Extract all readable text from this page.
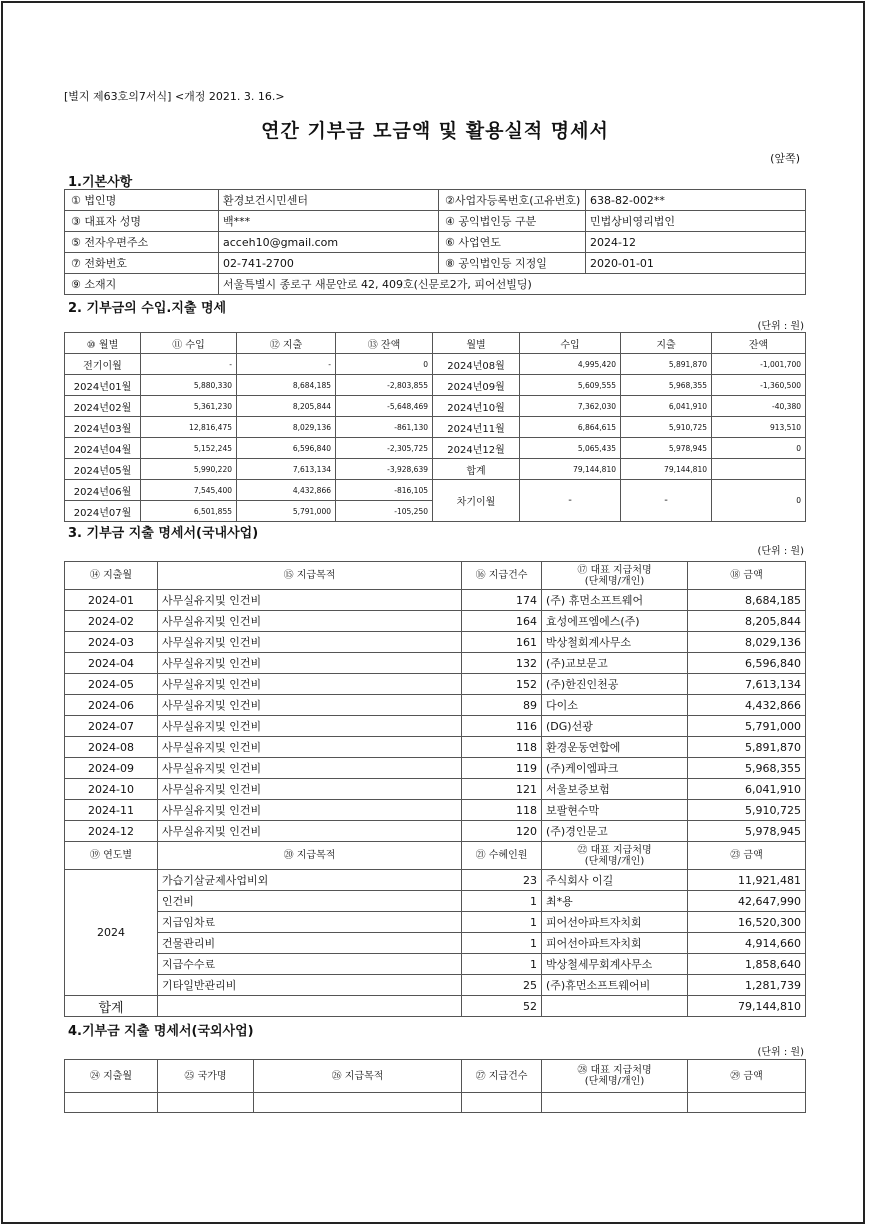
[별지 제63호의7서식] <개정 2021. 3. 16.>
연간 기부금 모금액 및 활용실적 명세서
(앞쪽)
1.기본사항
① 법인명	환경보건시민센터	②사업자등록번호(고유번호)	638-82-002**
③ 대표자 성명	백***	④ 공익법인등 구분	민법상비영리법인
⑤ 전자우편주소	acceh10@gmail.com	⑥ 사업연도	2024-12
⑦ 전화번호	02-741-2700	⑧ 공익법인등 지정일	2020-01-01
⑨ 소재지	서울특별시 종로구 새문안로 42, 409호(신문로2가, 피어선빌딩)		
2. 기부금의 수입.지출 명세
(단위 : 원)
⑩ 월별	⑪ 수입	⑫ 지출	⑬ 잔액	월별	수입	지출	잔액
전기이월	-	-	0	2024년08월	4,995,420	5,891,870	-1,001,700
2024년01월	5,880,330	8,684,185	-2,803,855	2024년09월	5,609,555	5,968,355	-1,360,500
2024년02월	5,361,230	8,205,844	-5,648,469	2024년10월	7,362,030	6,041,910	-40,380
2024년03월	12,816,475	8,029,136	-861,130	2024년11월	6,864,615	5,910,725	913,510
2024년04월	5,152,245	6,596,840	-2,305,725	2024년12월	5,065,435	5,978,945	0
2024년05월	5,990,220	7,613,134	-3,928,639	합계	79,144,810	79,144,810	
2024년06월	7,545,400	4,432,866	-816,105	차기이월	-	-	0
2024년07월	6,501,855	5,791,000	-105,250				
3. 기부금 지출 명세서(국내사업)
(단위 : 원)
⑭ 지출월	⑮ 지급목적	⑯ 지급건수	⑰ 대표 지급처명
(단체명/개인)	⑱ 금액
2024-01	사무실유지및 인건비	174	(주) 휴먼소프트웨어	8,684,185
2024-02	사무실유지및 인건비	164	효성에프엠에스(주)	8,205,844
2024-03	사무실유지및 인건비	161	박상철회계사무소	8,029,136
2024-04	사무실유지및 인건비	132	(주)교보문고	6,596,840
2024-05	사무실유지및 인건비	152	(주)한진인천공	7,613,134
2024-06	사무실유지및 인건비	89	다이소	4,432,866
2024-07	사무실유지및 인건비	116	(DG)선광	5,791,000
2024-08	사무실유지및 인건비	118	환경운동연합에	5,891,870
2024-09	사무실유지및 인건비	119	(주)케이엠파크	5,968,355
2024-10	사무실유지및 인건비	121	서울보증보험	6,041,910
2024-11	사무실유지및 인건비	118	보팔현수막	5,910,725
2024-12	사무실유지및 인건비	120	(주)경인문고	5,978,945
⑲ 연도별	⑳ 지급목적	㉑ 수혜인원	㉒ 대표 지급처명
(단체명/개인)	㉓ 금액
2024	가습기살균제사업비외	23	주식회사 이길	11,921,481
	인건비	1	최*용	42,647,990
	지급임차료	1	피어선아파트자치회	16,520,300
	건물관리비	1	피어선아파트자치회	4,914,660
	지급수수료	1	박상철세무회계사무소	1,858,640
	기타일반관리비	25	(주)휴먼소프트웨어비	1,281,739
합계		52		79,144,810
4.기부금 지출 명세서(국외사업)
(단위 : 원)
㉔ 지출월	㉕ 국가명	㉖ 지급목적	㉗ 지급건수	㉘ 대표 지급처명
(단체명/개인)	㉙ 금액
